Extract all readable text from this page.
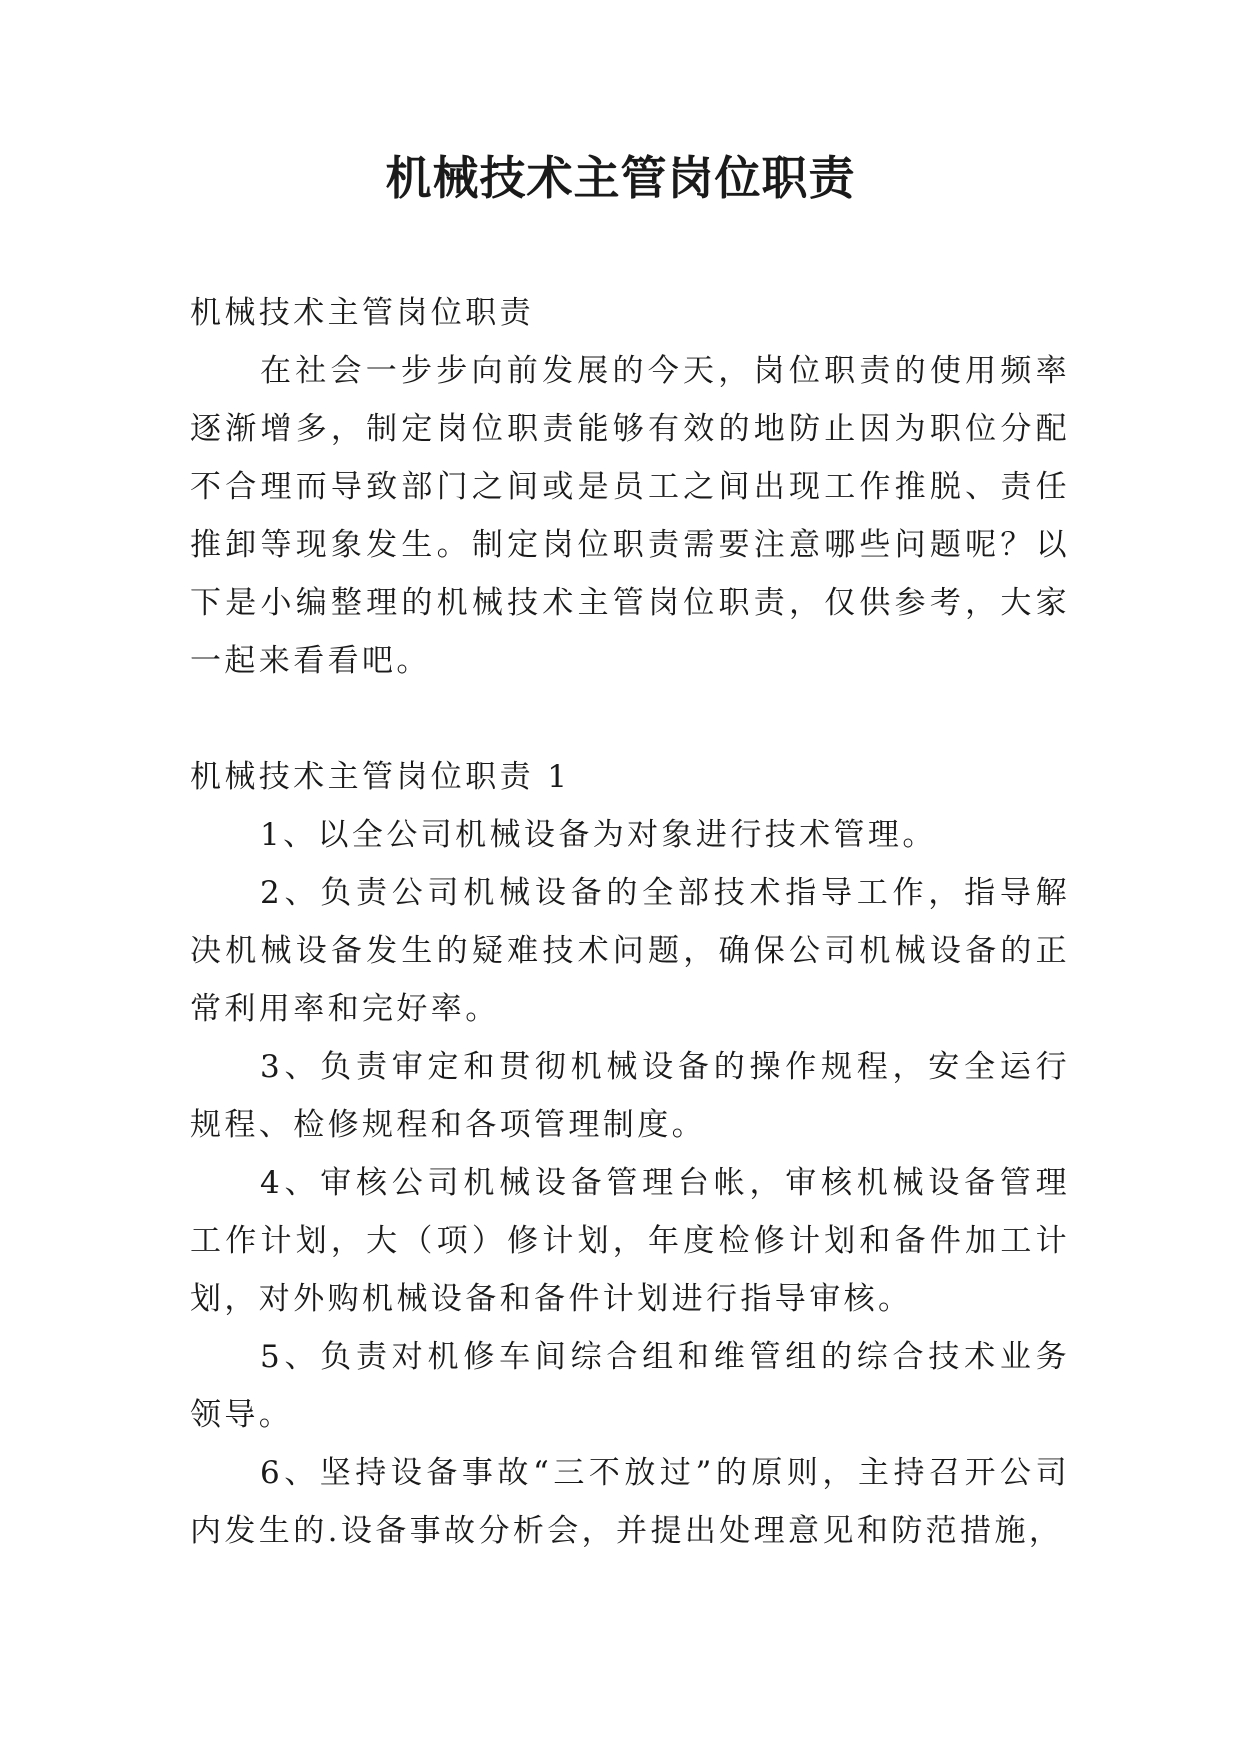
机械技术主管岗位职责

机械技术主管岗位职责

在社会一步步向前发展的今天，岗位职责的使用频率逐渐增多，制定岗位职责能够有效的地防止因为职位分配不合理而导致部门之间或是员工之间出现工作推脱、责任推卸等现象发生。制定岗位职责需要注意哪些问题呢？以下是小编整理的机械技术主管岗位职责，仅供参考，大家一起来看看吧。

机械技术主管岗位职责 1

1、以全公司机械设备为对象进行技术管理。

2、负责公司机械设备的全部技术指导工作，指导解决机械设备发生的疑难技术问题，确保公司机械设备的正常利用率和完好率。

3、负责审定和贯彻机械设备的操作规程，安全运行规程、检修规程和各项管理制度。

4、审核公司机械设备管理台帐，审核机械设备管理工作计划，大（项）修计划，年度检修计划和备件加工计划，对外购机械设备和备件计划进行指导审核。

5、负责对机修车间综合组和维管组的综合技术业务领导。

6、坚持设备事故“三不放过”的原则，主持召开公司内发生的.设备事故分析会，并提出处理意见和防范措施，
